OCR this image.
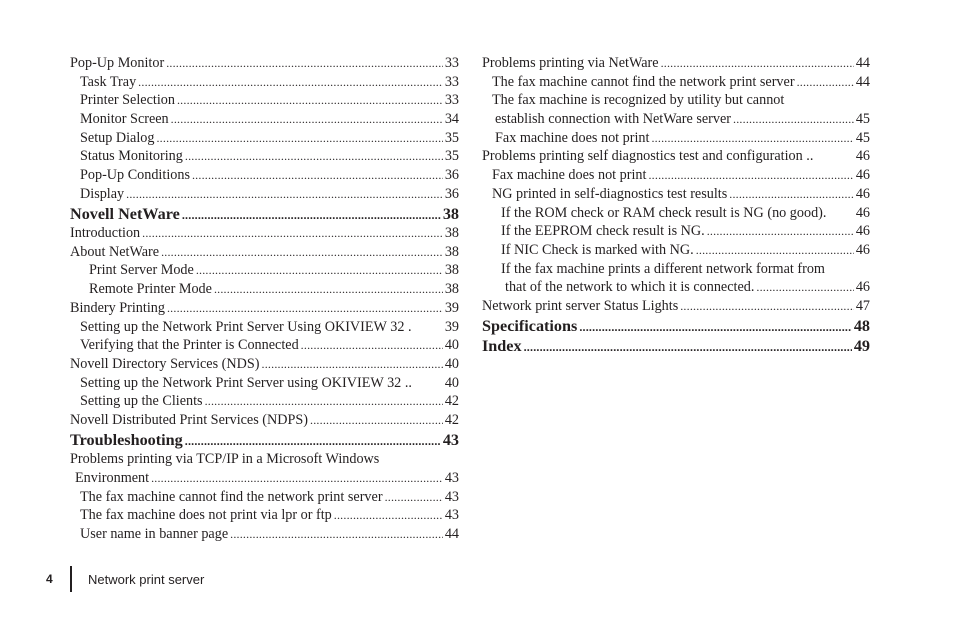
Pop-Up Monitor . . .	33
Task Tray . . .	33
Printer Selection . . .	33
Monitor Screen . . .	34
Setup Dialog . . .	35
Status Monitoring . . .	35
Pop-Up Conditions . . .	36
Display . . .	36
Novell NetWare . . .	38
Introduction . . .	38
About NetWare . . .	38
Print Server Mode . . .	38
Remote Printer Mode . . .	38
Bindery Printing . . .	39
Setting up the Network Print Server Using OKIVIEW 32 . 39
Verifying that the Printer is Connected . . .	40
Novell Directory Services (NDS) . . .	40
Setting up the Network Print Server using OKIVIEW 32 .. 40
Setting up the Clients . . .	42
Novell Distributed Print Services (NDPS) . . .	42
Troubleshooting . . .	43
Problems printing via TCP/IP in a Microsoft Windows
Environment . . .	43
The fax machine cannot find the network print server . . .	43
The fax machine does not print via lpr or ftp . . .	43
User name in banner page . . .	44
Problems printing via NetWare . . .	44
The fax machine cannot find the network print server . . .	44
The fax machine is recognized by utility but cannot
establish connection with NetWare server . . .	45
Fax machine does not print . . .	45
Problems printing self diagnostics test and configuration ..	46
Fax machine does not print . . .	46
NG printed in self-diagnostics test results . . .	46
If the ROM check or RAM check result is NG (no good). 46
If the EEPROM check result is NG. . . .	46
If NIC Check is marked with NG. . . .	46
If the fax machine prints a different network format from
that of the network to which it is connected. . . .	46
Network print server Status Lights . . .	47
Specifications . . .	48
Index . . .	49
4	Network print server
